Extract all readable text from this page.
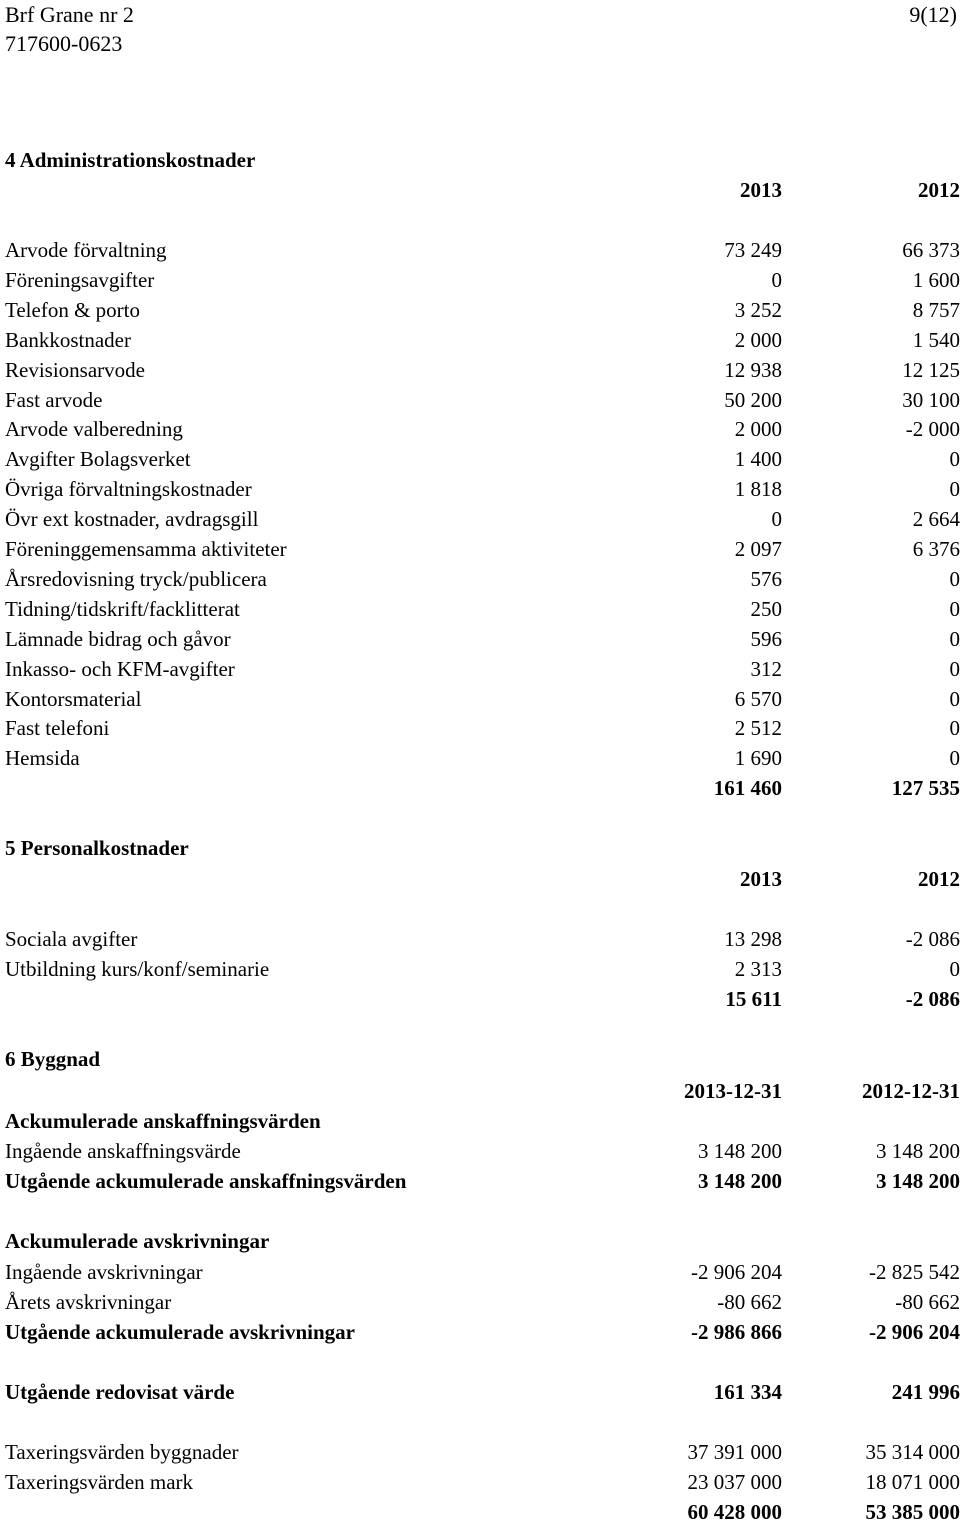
Brf Grane nr 2
717600-0623
9(12)
4 Administrationskostnader
2013	2012
Arvode förvaltning	73 249	66 373
Föreningsavgifter	0	1 600
Telefon & porto	3 252	8 757
Bankkostnader	2 000	1 540
Revisionsarvode	12 938	12 125
Fast arvode	50 200	30 100
Arvode valberedning	2 000	-2 000
Avgifter Bolagsverket	1 400	0
Övriga förvaltningskostnader	1 818	0
Övr ext kostnader, avdragsgill	0	2 664
Föreninggemensamma aktiviteter	2 097	6 376
Årsredovisning tryck/publicera	576	0
Tidning/tidskrift/facklitterat	250	0
Lämnade bidrag och gåvor	596	0
Inkasso- och KFM-avgifter	312	0
Kontorsmaterial	6 570	0
Fast telefoni	2 512	0
Hemsida	1 690	0
161 460	127 535
5 Personalkostnader
2013	2012
Sociala avgifter	13 298	-2 086
Utbildning kurs/konf/seminarie	2 313	0
15 611	-2 086
6 Byggnad
2013-12-31	2012-12-31
Ackumulerade anskaffningsvärden
Ingående anskaffningsvärde	3 148 200	3 148 200
Utgående ackumulerade anskaffningsvärden	3 148 200	3 148 200
Ackumulerade avskrivningar
Ingående avskrivningar	-2 906 204	-2 825 542
Årets avskrivningar	-80 662	-80 662
Utgående ackumulerade avskrivningar	-2 986 866	-2 906 204
Utgående redovisat värde	161 334	241 996
Taxeringsvärden byggnader	37 391 000	35 314 000
Taxeringsvärden mark	23 037 000	18 071 000
60 428 000	53 385 000
